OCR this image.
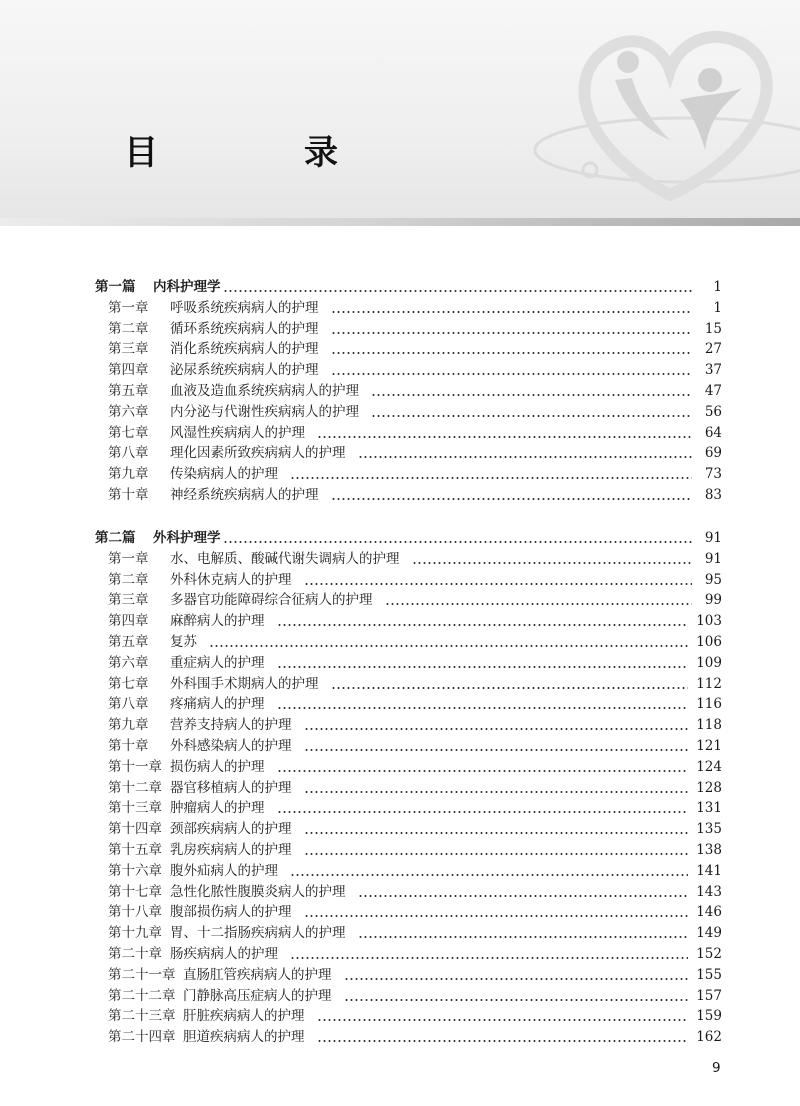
目　录
第一篇	内科护理学	1
第一章	呼吸系统疾病病人的护理	1
第二章	循环系统疾病病人的护理	15
第三章	消化系统疾病病人的护理	27
第四章	泌尿系统疾病病人的护理	37
第五章	血液及造血系统疾病病人的护理	47
第六章	内分泌与代谢性疾病病人的护理	56
第七章	风湿性疾病病人的护理	64
第八章	理化因素所致疾病病人的护理	69
第九章	传染病病人的护理	73
第十章	神经系统疾病病人的护理	83
第二篇	外科护理学	91
第一章	水、电解质、酸碱代谢失调病人的护理	91
第二章	外科休克病人的护理	95
第三章	多器官功能障碍综合征病人的护理	99
第四章	麻醉病人的护理	103
第五章	复苏	106
第六章	重症病人的护理	109
第七章	外科围手术期病人的护理	112
第八章	疼痛病人的护理	116
第九章	营养支持病人的护理	118
第十章	外科感染病人的护理	121
第十一章 损伤病人的护理	124
第十二章 器官移植病人的护理	128
第十三章 肿瘤病人的护理	131
第十四章 颈部疾病病人的护理	135
第十五章 乳房疾病病人的护理	138
第十六章 腹外疝病人的护理	141
第十七章 急性化脓性腹膜炎病人的护理	143
第十八章 腹部损伤病人的护理	146
第十九章 胃、十二指肠疾病病人的护理	149
第二十章 肠疾病病人的护理	152
第二十一章 直肠肛管疾病病人的护理	155
第二十二章 门静脉高压症病人的护理	157
第二十三章 肝脏疾病病人的护理	159
第二十四章 胆道疾病病人的护理	162
9
